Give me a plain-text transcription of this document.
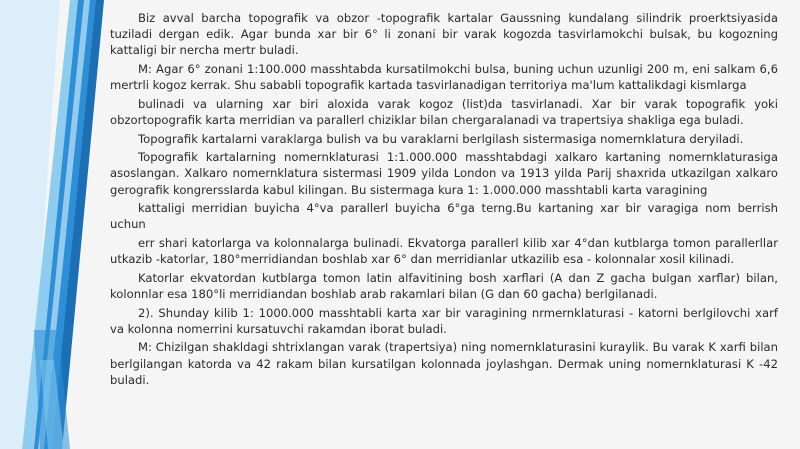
Biz avval barcha topografik va obzor -topografik kartalar Gaussning kundalang silindrik proerktsiyasida tuziladi dergan edik. Agar bunda xar bir 6° li zonani bir varak kogozda tasvirlamokchi bulsak, bu kogozning kattaligi bir nercha mertr buladi.

M: Agar 6° zonani 1:100.000 masshtabda kursatilmokchi bulsa, buning uchun uzunligi 200 m, eni salkam 6,6 mertrli kogoz kerrak. Shu sababli topografik kartada tasvirlanadigan territoriya ma'lum kattalikdagi kismlarga

bulinadi va ularning xar biri aloxida varak kogoz (list)da tasvirlanadi. Xar bir varak topografik yoki obzortopografik karta merridian va parallerl chiziklar bilan chergaralanadi va trapertsiya shakliga ega buladi.

Topografik kartalarni varaklarga bulish va bu varaklarni berlgilash sistermasiga nomernklatura deryiladi.

Topografik kartalarning nomernklaturasi 1:1.000.000 masshtabdagi xalkaro kartaning nomernklaturasiga asoslangan. Xalkaro nomernklatura sistermasi 1909 yilda London va 1913 yilda Parij shaxrida utkazilgan xalkaro gerografik kongrerssIarda kabul kilingan. Bu sistermaga kura 1: 1.000.000 masshtabli karta varagining

kattaligi merridian buyicha 4°va parallerl buyicha 6°ga terng.Bu kartaning xar bir varagiga nom berrish uchun

err shari katorlarga va kolonnalarga bulinadi. Ekvatorga parallerl kilib xar 4°dan kutblarga tomon parallerllar utkazib -katorlar, 180°merridiandan boshlab xar 6° dan merridianlar utkazilib esa - kolonnalar xosil kilinadi.

Katorlar ekvatordan kutblarga tomon latin alfavitining bosh xarflari (A dan Z gacha bulgan xarflar) bilan, kolonnlar esa 180°li merridiandan boshlab arab rakamlari bilan (G dan 60 gacha) berlgilanadi.

2). Shunday kilib 1: 1000.000 masshtabli karta xar bir varagining nrmernklaturasi - katorni berlgilovchi xarf va kolonna nomerrini kursatuvchi rakamdan iborat buladi.

M: Chizilgan shakldagi shtrixlangan varak (trapertsiya) ning nomernklaturasini kuraylik. Bu varak K xarfi bilan berlgilangan katorda va 42 rakam bilan kursatilgan kolonnada joylashgan. Dermak uning nomernklaturasi K -42 buladi.
